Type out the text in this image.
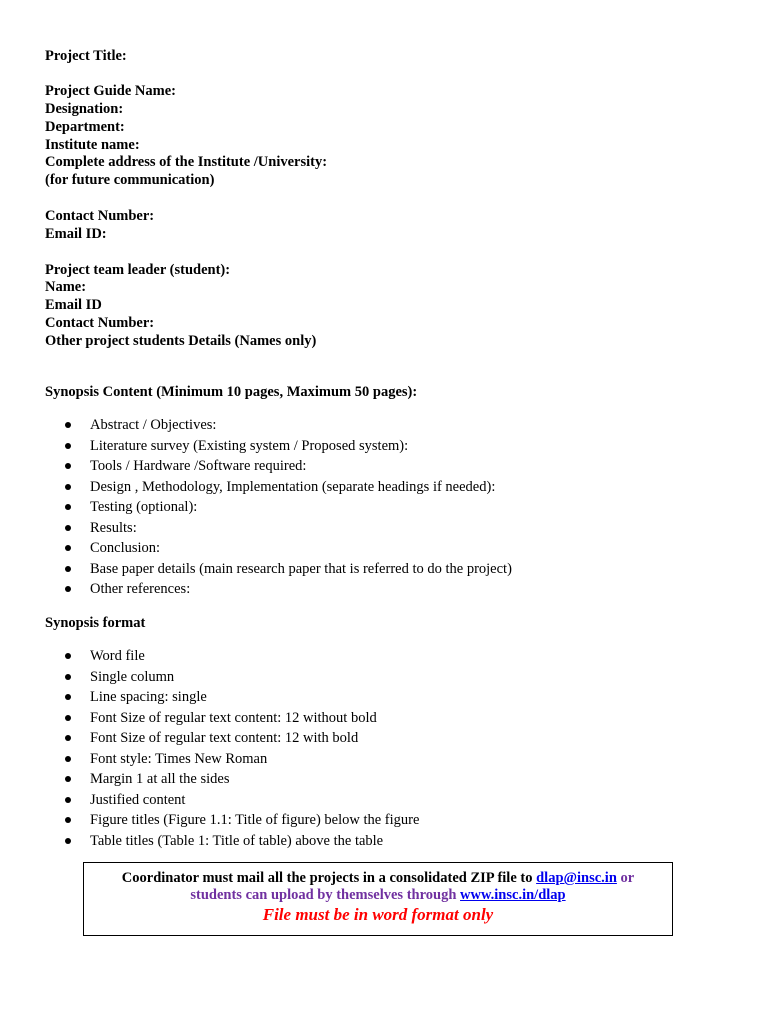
Project Title:
Project Guide Name:
Designation:
Department:
Institute name:
Complete address of the Institute /University:
(for future communication)
Contact Number:
Email ID:
Project team leader (student):
Name:
Email ID
Contact Number:
Other project students Details (Names only)
Synopsis Content (Minimum 10 pages, Maximum 50 pages):
Abstract / Objectives:
Literature survey (Existing system / Proposed system):
Tools / Hardware /Software required:
Design , Methodology, Implementation (separate headings if needed):
Testing (optional):
Results:
Conclusion:
Base paper details (main research paper that is referred to do the project)
Other references:
Synopsis format
Word file
Single column
Line spacing: single
Font Size of regular text content: 12 without bold
Font Size of regular text content: 12 with bold
Font style: Times New Roman
Margin 1 at all the sides
Justified content
Figure titles (Figure 1.1: Title of figure) below the figure
Table titles (Table 1: Title of table) above the table
Coordinator must mail all the projects in a consolidated ZIP file to dlap@insc.in or
students can upload by themselves through www.insc.in/dlap
File must be in word format only
